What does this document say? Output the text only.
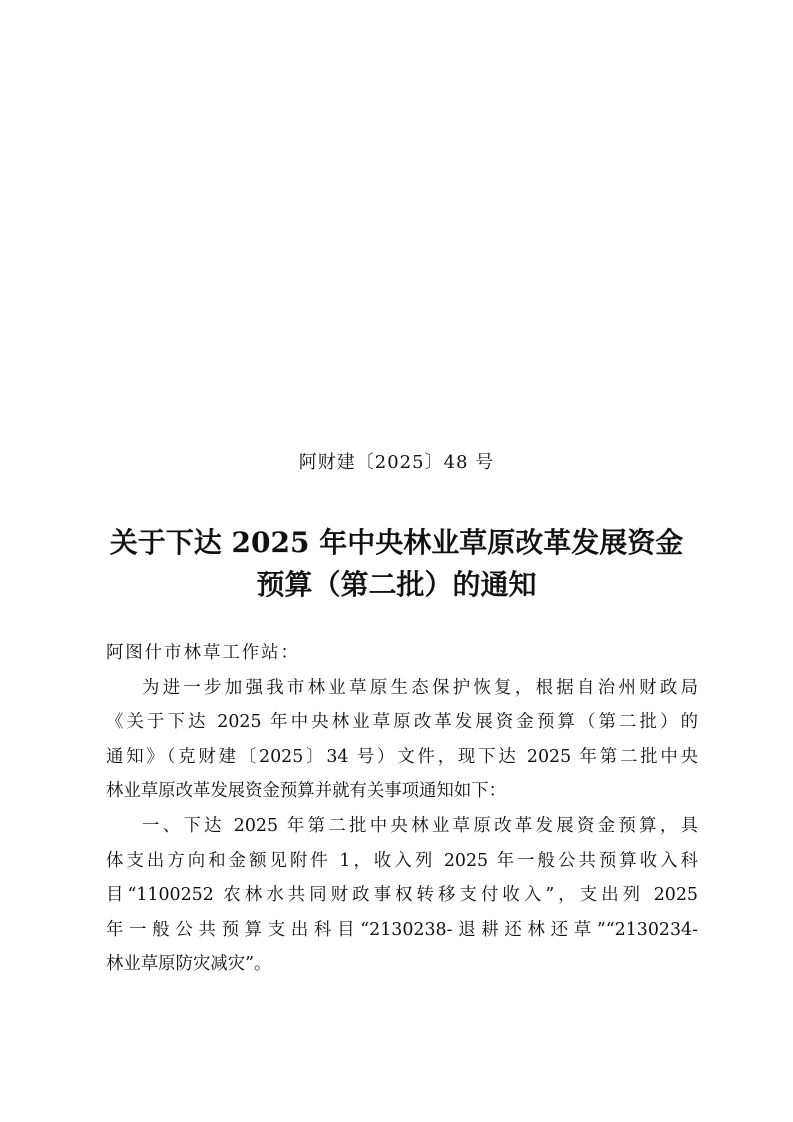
阿财建〔2025〕48 号
关于下达 2025 年中央林业草原改革发展资金
预算（第二批）的通知
阿图什市林草工作站：
为进一步加强我市林业草原生态保护恢复，根据自治州财政局
《关于下达 2025 年中央林业草原改革发展资金预算（第二批）的
通知》（克财建〔2025〕34 号）文件，现下达 2025 年第二批中央
林业草原改革发展资金预算并就有关事项通知如下：
一、下达 2025 年第二批中央林业草原改革发展资金预算，具
体支出方向和金额见附件 1，收入列 2025 年一般公共预算收入科
目“1100252 农林水共同财政事权转移支付收入”，支出列 2025
年一般公共预算支出科目“2130238-退耕还林还草”“2130234-
林业草原防灾减灾”。
